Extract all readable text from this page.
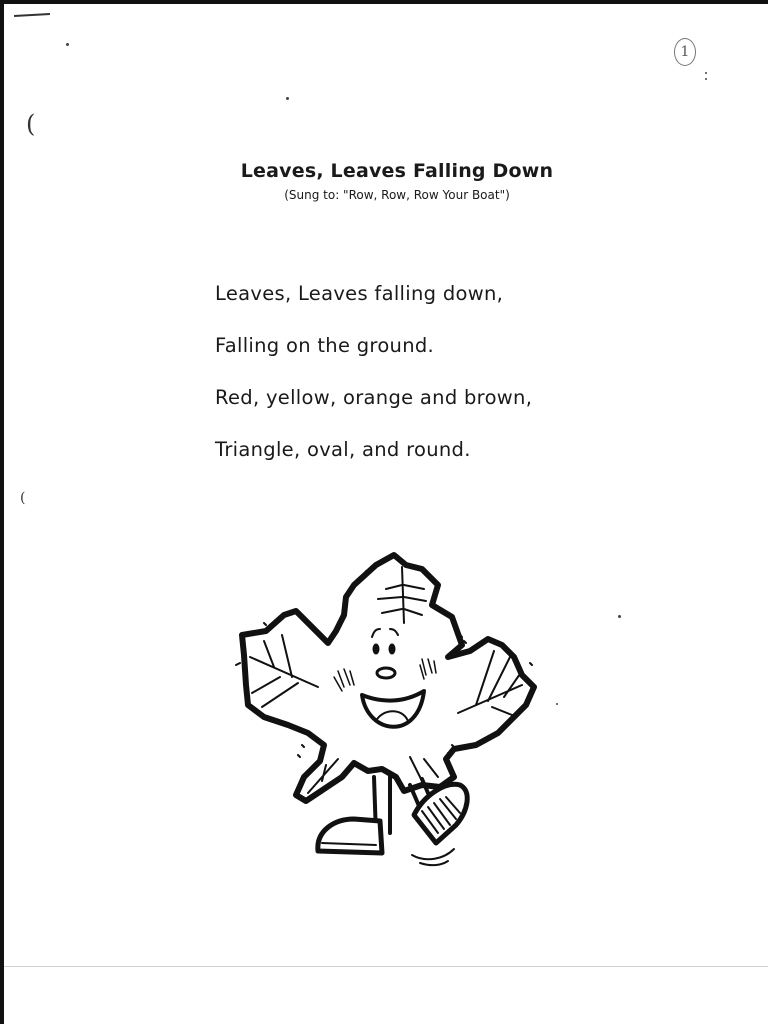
1
(
(
Leaves, Leaves Falling Down
(Sung to: "Row, Row, Row Your Boat")
Leaves, Leaves falling down,
Falling on the ground.
Red, yellow, orange and brown,
Triangle, oval, and round.
